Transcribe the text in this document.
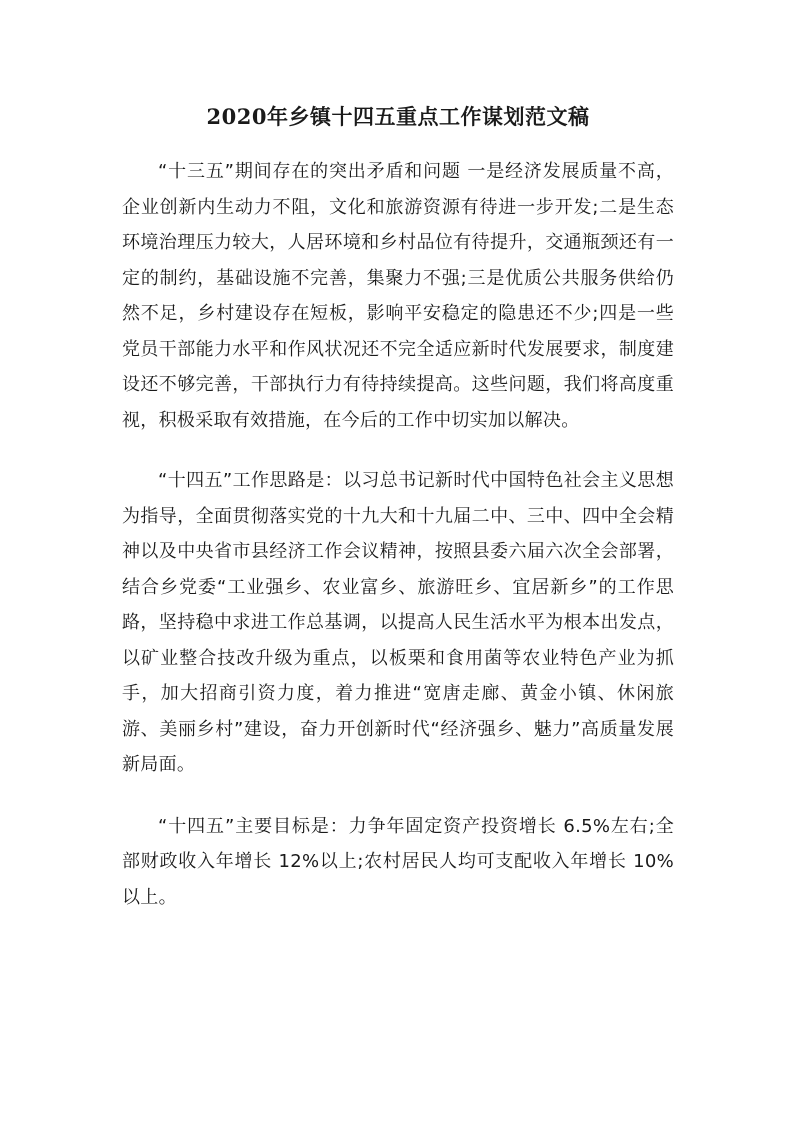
2020年乡镇十四五重点工作谋划范文稿

“十三五”期间存在的突出矛盾和问题 一是经济发展质量不高，企业创新内生动力不阻，文化和旅游资源有待进一步开发;二是生态环境治理压力较大，人居环境和乡村品位有待提升，交通瓶颈还有一定的制约，基础设施不完善，集聚力不强;三是优质公共服务供给仍然不足，乡村建设存在短板，影响平安稳定的隐患还不少;四是一些党员干部能力水平和作风状况还不完全适应新时代发展要求，制度建设还不够完善，干部执行力有待持续提高。这些问题，我们将高度重视，积极采取有效措施，在今后的工作中切实加以解决。

“十四五”工作思路是：以习总书记新时代中国特色社会主义思想为指导，全面贯彻落实党的十九大和十九届二中、三中、四中全会精神以及中央省市县经济工作会议精神，按照县委六届六次全会部署，结合乡党委“工业强乡、农业富乡、旅游旺乡、宜居新乡”的工作思路，坚持稳中求进工作总基调，以提高人民生活水平为根本出发点，以矿业整合技改升级为重点，以板栗和食用菌等农业特色产业为抓手，加大招商引资力度，着力推进“宽唐走廊、黄金小镇、休闲旅游、美丽乡村”建设，奋力开创新时代“经济强乡、魅力”高质量发展新局面。

“十四五”主要目标是：力争年固定资产投资增长 6.5%左右;全部财政收入年增长 12%以上;农村居民人均可支配收入年增长 10%以上。
